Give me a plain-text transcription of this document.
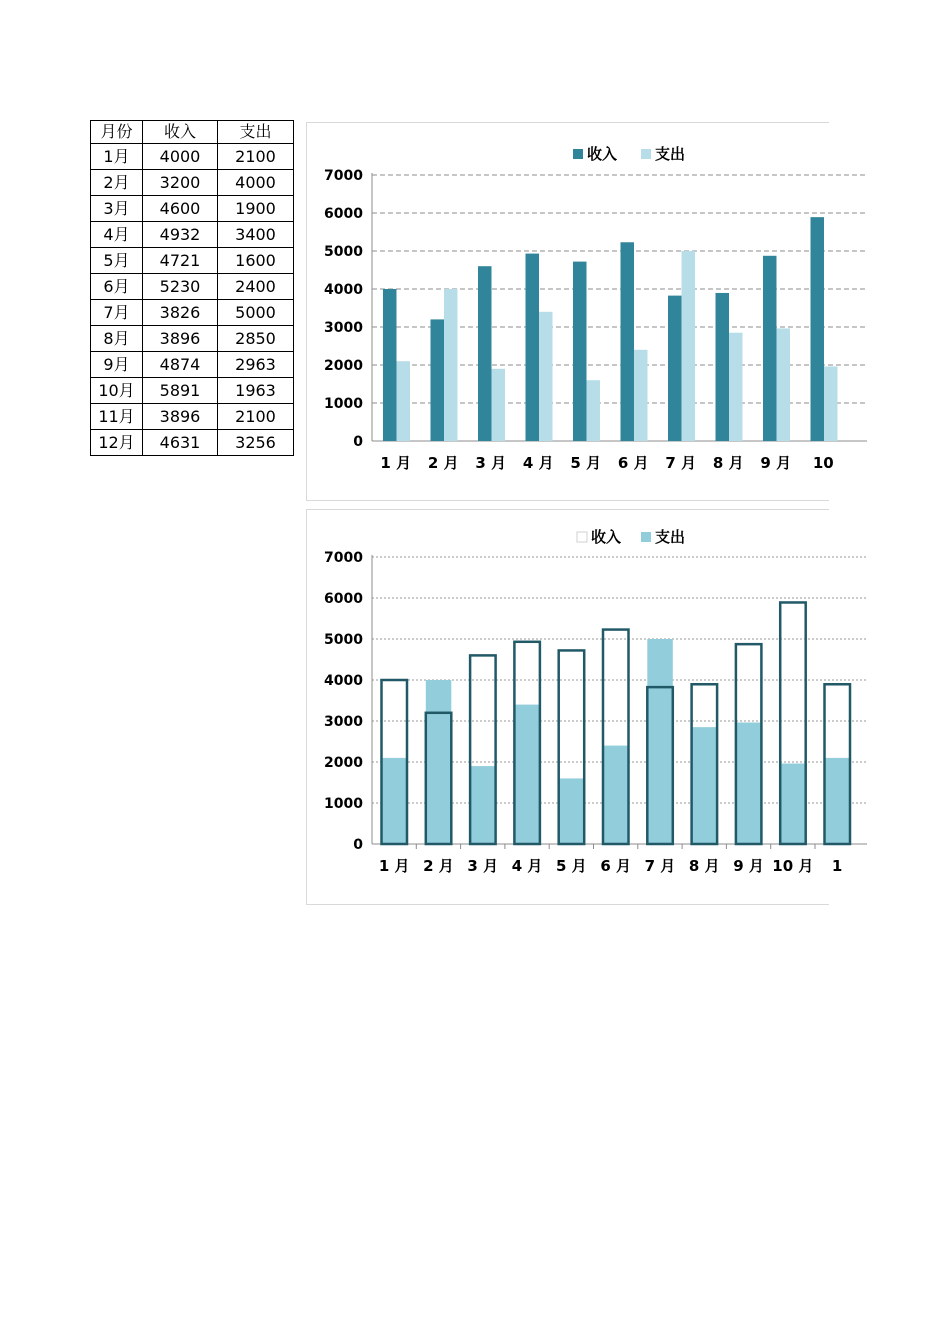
月份	收入	支出
1月	4000	2100
2月	3200	4000
3月	4600	1900
4月	4932	3400
5月	4721	1600
6月	5230	2400
7月	3826	5000
8月	3896	2850
9月	4874	2963
10月	5891	1963
11月	3896	2100
12月	4631	3256	0
1000
2000
3000
4000
5000
6000
7000
1 月 2 月 3 月 4 月 5 月 6 月 7 月 8 月 9 月 10
收入	支出
0
1000
2000
3000
4000
5000
6000
7000
1 月 2 月 3 月 4 月 5 月 6 月 7 月 8 月 9 月 10 月 1
收入 支出
